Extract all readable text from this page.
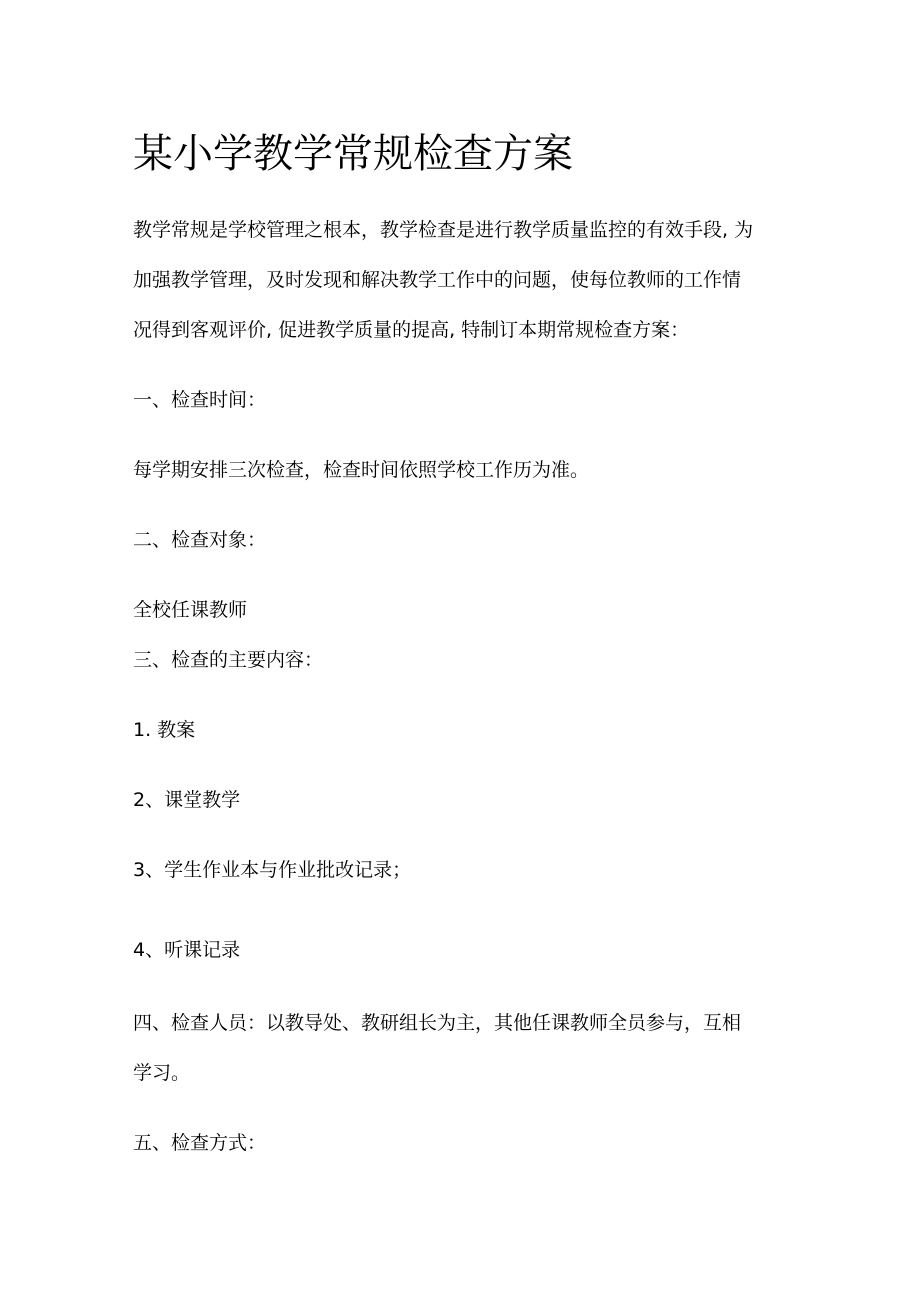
某小学教学常规检查方案

教学常规是学校管理之根本，教学检查是进行教学质量监控的有效手段, 为

加强教学管理，及时发现和解决教学工作中的问题，使每位教师的工作情

况得到客观评价, 促进教学质量的提高, 特制订本期常规检查方案：

一、检查时间：

每学期安排三次检查，检查时间依照学校工作历为准。

二、检查对象：

全校任课教师

三、检查的主要内容：

1. 教案

2、课堂教学

3、学生作业本与作业批改记录；

4、听课记录

四、检查人员：以教导处、教研组长为主，其他任课教师全员参与，互相

学习。

五、检查方式：
